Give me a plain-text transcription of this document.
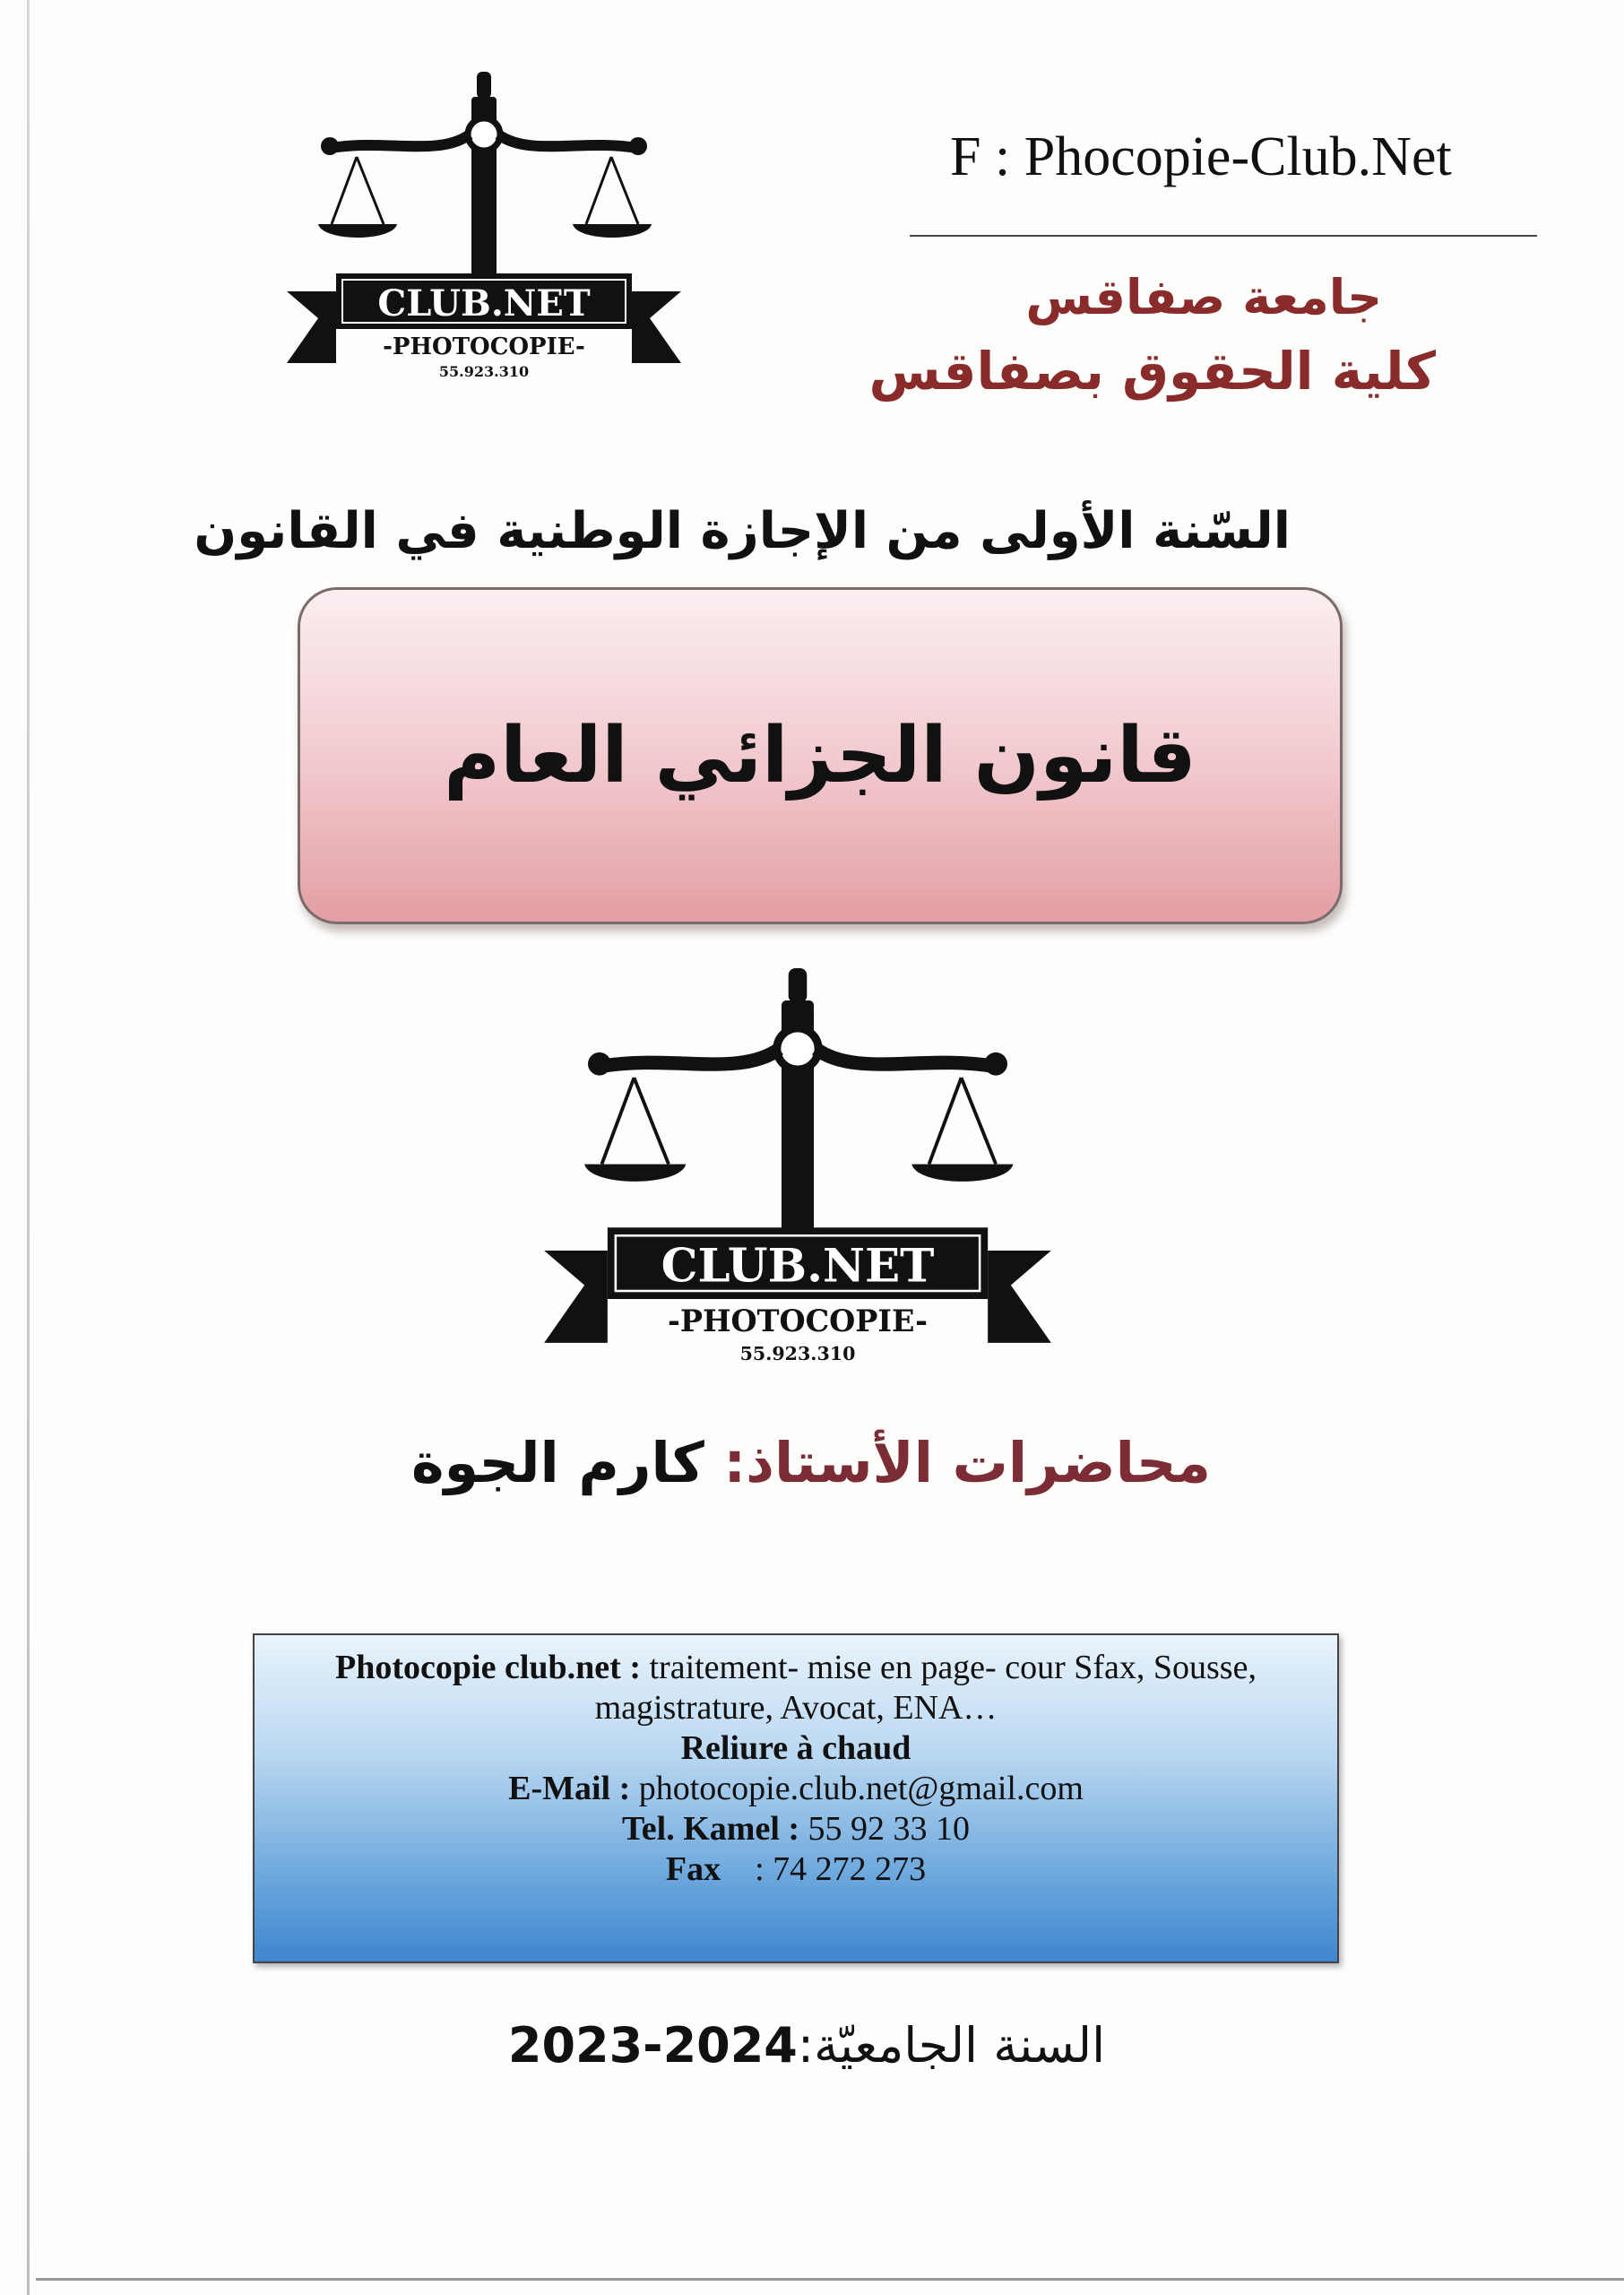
CLUB.NET
-PHOTOCOPIE-
55.923.310
F : Phocopie-Club.Net
جامعة صفاقس
كلية الحقوق بصفاقس
السّنة الأولى من الإجازة الوطنية في القانون
قانون الجزائي العام
CLUB.NET
-PHOTOCOPIE-
55.923.310
محاضرات الأستاذ: كارم الجوة
Photocopie club.net : traitement- mise en page- cour Sfax, Sousse,
magistrature, Avocat, ENA…
Reliure à chaud
E-Mail : photocopie.club.net@gmail.com
Tel. Kamel : 55 92 33 10
Fax : 74 272 273
السنة الجامعيّة:2023-2024
